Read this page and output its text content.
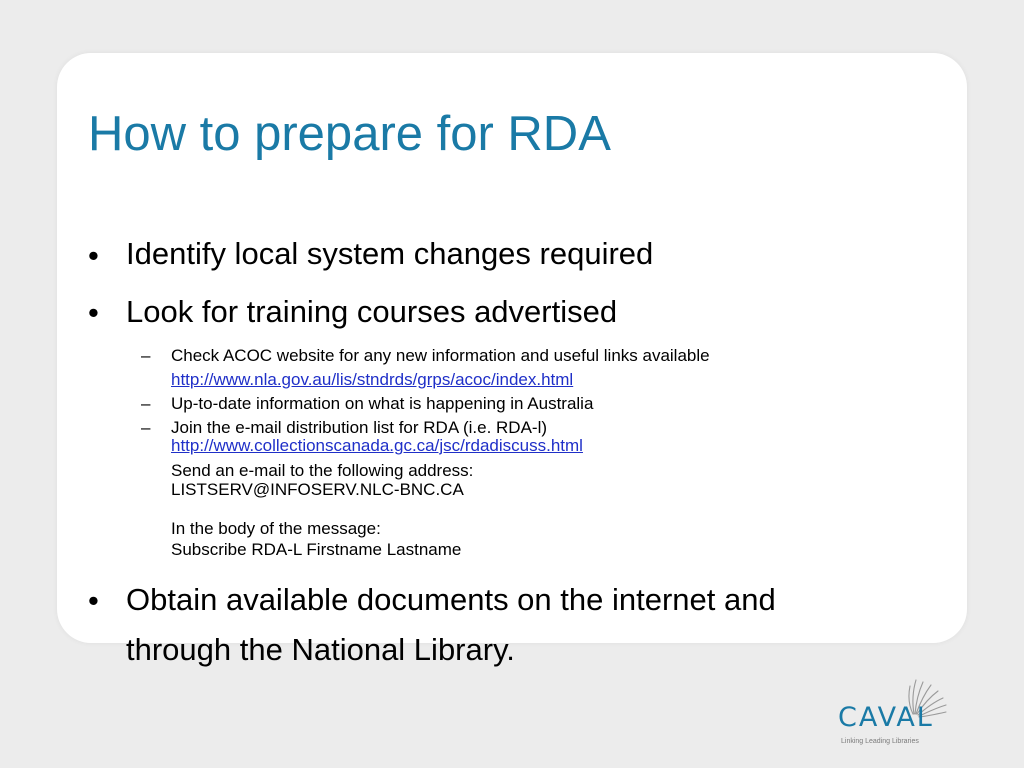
How to prepare for RDA
• Identify local system changes required
• Look for training courses advertised
– Check ACOC website for any new information and useful links available
http://www.nla.gov.au/lis/stndrds/grps/acoc/index.html
– Up-to-date information on what is happening in Australia
– Join the e-mail distribution list for RDA (i.e. RDA-l)
http://www.collectionscanada.gc.ca/jsc/rdadiscuss.html
Send an e-mail to the following address:
LISTSERV@INFOSERV.NLC-BNC.CA
In the body of the message:
Subscribe RDA-L Firstname Lastname
• Obtain available documents on the internet and
through the National Library.
CAVAL
Linking Leading Libraries
